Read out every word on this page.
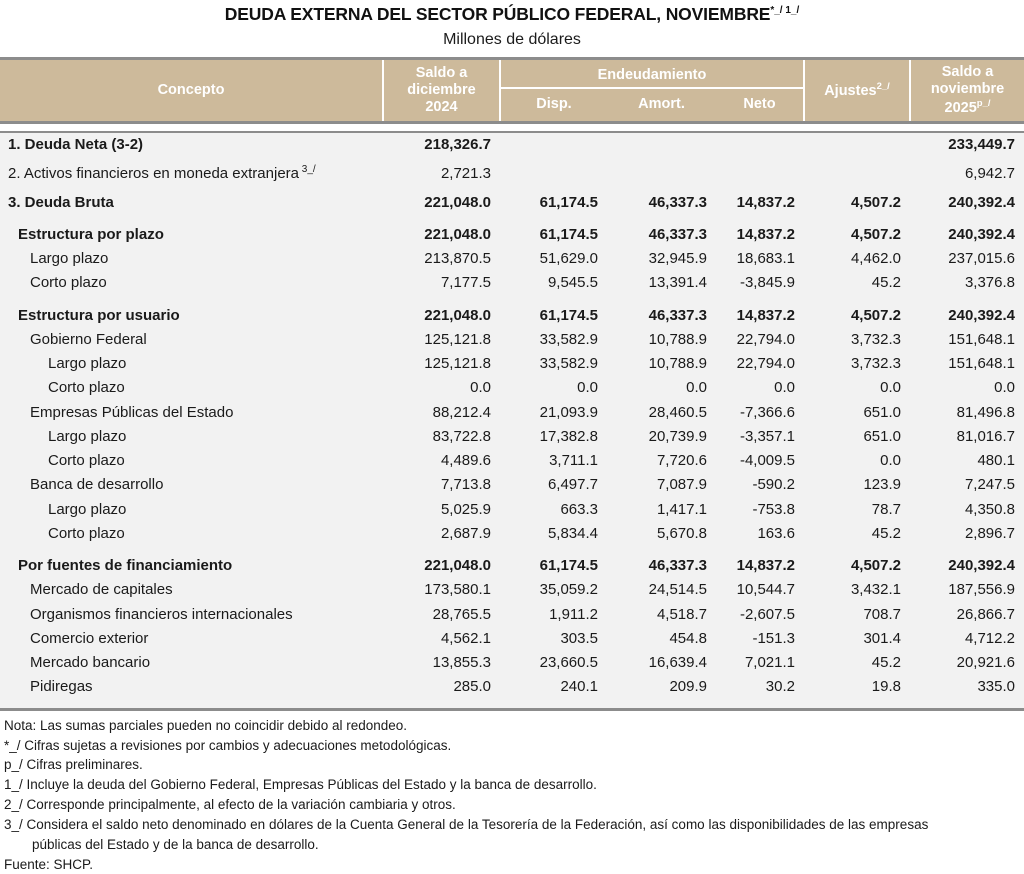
DEUDA EXTERNA DEL SECTOR PÚBLICO FEDERAL, $NOVIEMBRE^{*\_/ 1\_/}$
Millones de dólares
Concepto	Saldo a
diciembre
2024	Endeudamiento			Ajustes$^{2\_/}$	Saldo a
noviembre
$2025^{p\_/}$
		Disp.	Amort.	Neto		

1. Deuda Neta (3-2)	218,326.7					233,449.7

2. Activos financieros en moneda extranjera $^{3\_/}$	2,721.3					6,942.7

3. Deuda Bruta	221,048.0	61,174.5	46,337.3	14,837.2	4,507.2	240,392.4

Estructura por plazo	221,048.0	61,174.5	46,337.3	14,837.2	4,507.2	240,392.4
Largo plazo	213,870.5	51,629.0	32,945.9	18,683.1	4,462.0	237,015.6
Corto plazo	7,177.5	9,545.5	13,391.4	-3,845.9	45.2	3,376.8

Estructura por usuario	221,048.0	61,174.5	46,337.3	14,837.2	4,507.2	240,392.4
Gobierno Federal	125,121.8	33,582.9	10,788.9	22,794.0	3,732.3	151,648.1
Largo plazo	125,121.8	33,582.9	10,788.9	22,794.0	3,732.3	151,648.1
Corto plazo	0.0	0.0	0.0	0.0	0.0	0.0
Empresas Públicas del Estado	88,212.4	21,093.9	28,460.5	-7,366.6	651.0	81,496.8
Largo plazo	83,722.8	17,382.8	20,739.9	-3,357.1	651.0	81,016.7
Corto plazo	4,489.6	3,711.1	7,720.6	-4,009.5	0.0	480.1
Banca de desarrollo	7,713.8	6,497.7	7,087.9	-590.2	123.9	7,247.5
Largo plazo	5,025.9	663.3	1,417.1	-753.8	78.7	4,350.8
Corto plazo	2,687.9	5,834.4	5,670.8	163.6	45.2	2,896.7

Por fuentes de financiamiento	221,048.0	61,174.5	46,337.3	14,837.2	4,507.2	240,392.4
Mercado de capitales	173,580.1	35,059.2	24,514.5	10,544.7	3,432.1	187,556.9
Organismos financieros internacionales	28,765.5	1,911.2	4,518.7	-2,607.5	708.7	26,866.7
Comercio exterior	4,562.1	303.5	454.8	-151.3	301.4	4,712.2
Mercado bancario	13,855.3	23,660.5	16,639.4	7,021.1	45.2	20,921.6
Pidiregas	285.0	240.1	209.9	30.2	19.8	335.0

Nota: Las sumas parciales pueden no coincidir debido al redondeo.

*_/ Cifras sujetas a revisiones por cambios y adecuaciones metodológicas.

p_/ Cifras preliminares.

1_/ Incluye la deuda del Gobierno Federal, Empresas Públicas del Estado y la banca de desarrollo.

2_/ Corresponde principalmente, al efecto de la variación cambiaria y otros.

3_/ Considera el saldo neto denominado en dólares de la Cuenta General de la Tesorería de la Federación, así como las disponibilidades de las empresas

públicas del Estado y de la banca de desarrollo.

Fuente: SHCP.
